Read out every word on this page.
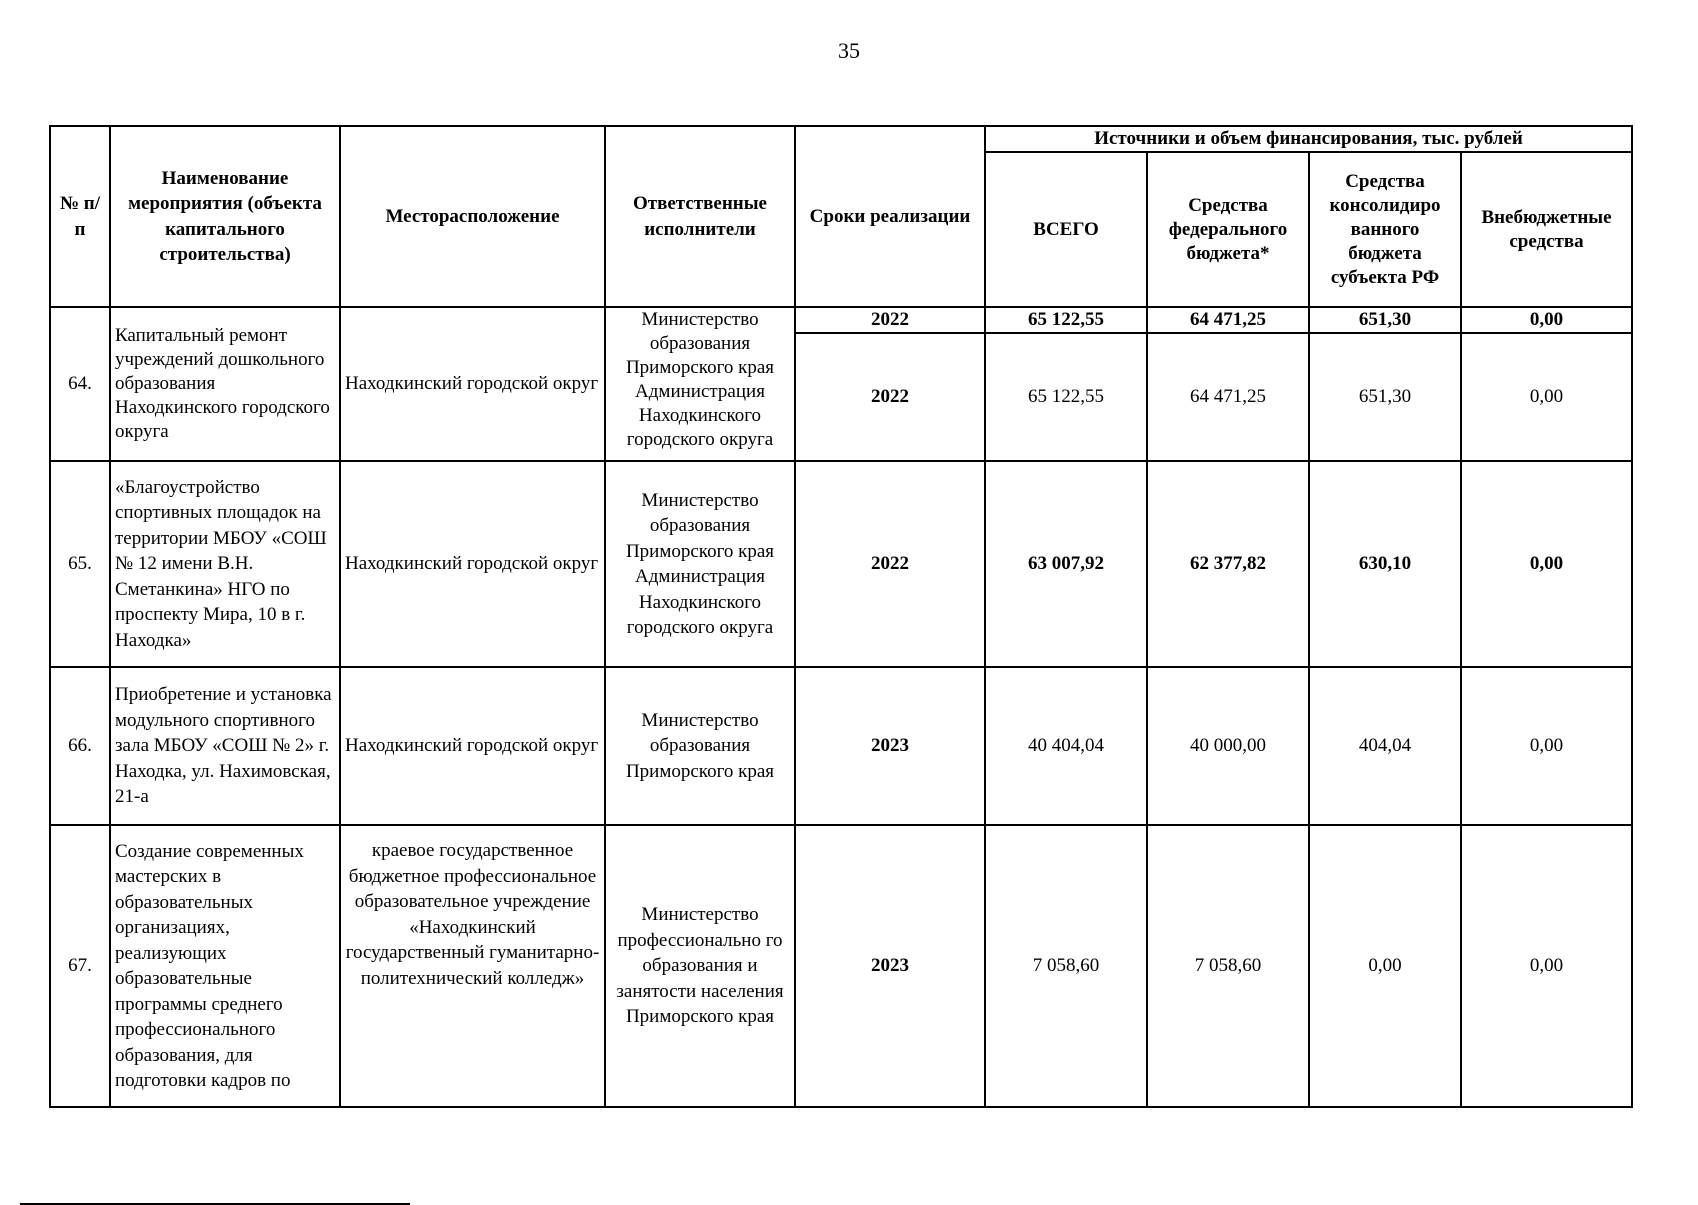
35
№ п/п	Наименование мероприятия (объекта капитального строительства)	Месторасположение	Ответственные исполнители	Сроки реализации	Источники и объем финансирования, тыс. рублей			
					ВСЕГО	Средства федерального бюджета*	Средства консолидиро ванного бюджета субъекта РФ	Внебюджетные средства
64.	Капитальный ремонт учреждений дошкольного образования Находкинского городского округа	Находкинский городской округ	Министерство образования Приморского края Администрация Находкинского городского округа	2022	65 122,55	64 471,25	651,30	0,00
				2022	65 122,55	64 471,25	651,30	0,00
65.	«Благоустройство спортивных площадок на территории МБОУ «СОШ № 12 имени В.Н. Сметанкина» НГО по проспекту Мира, 10 в г. Находка»	Находкинский городской округ	Министерство образования Приморского края Администрация Находкинского городского округа	2022	63 007,92	62 377,82	630,10	0,00
66.	Приобретение и установка модульного спортивного зала МБОУ «СОШ № 2» г. Находка, ул. Нахимовская, 21-а	Находкинский городской округ	Министерство образования Приморского края	2023	40 404,04	40 000,00	404,04	0,00
67.	Создание современных мастерских в образовательных организациях, реализующих образовательные программы среднего профессионального образования, для подготовки кадров по	краевое государственное бюджетное профессиональное образовательное учреждение «Находкинский государственный гуманитарно-политехнический колледж»	Министерство профессионально го образования и занятости населения Приморского края	2023	7 058,60	7 058,60	0,00	0,00
